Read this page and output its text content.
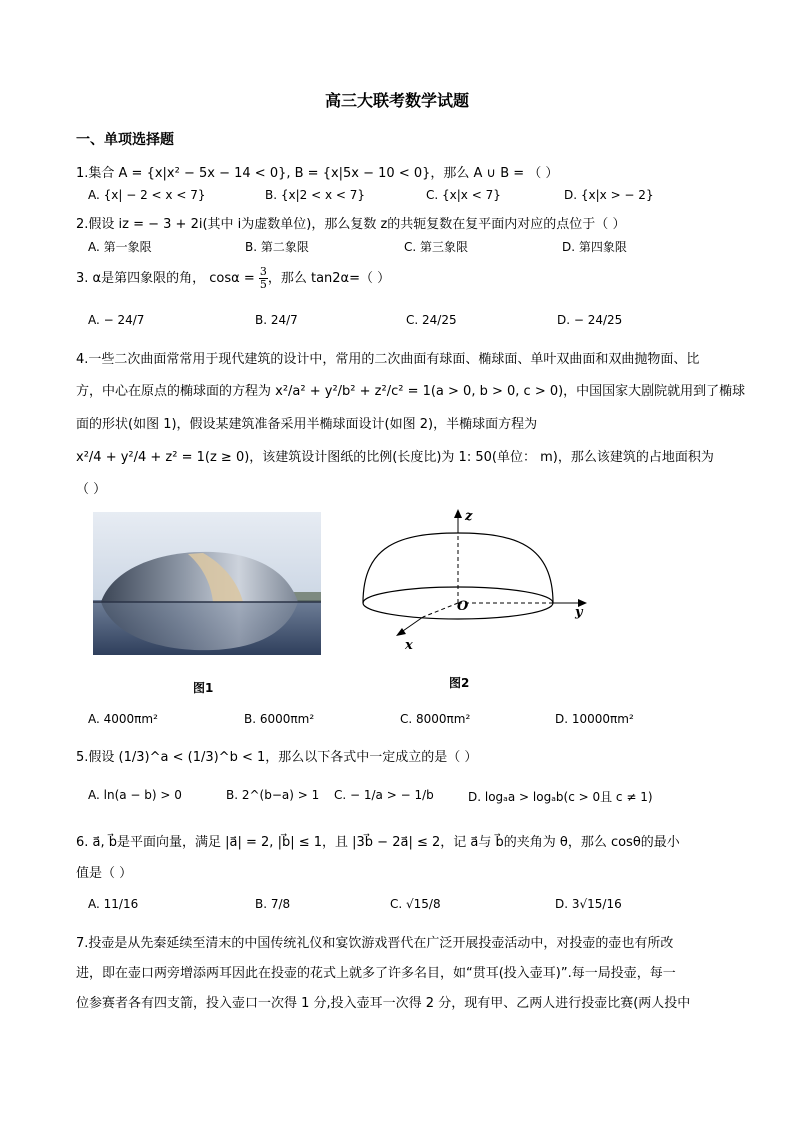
高三大联考数学试题
一、单项选择题
1.集合 A = {x|x² − 5x − 14 < 0}, B = {x|5x − 10 < 0}，那么 A ∪ B = （ ）
A. {x| − 2 < x < 7}	B. {x|2 < x < 7}	C. {x|x < 7}	D. {x|x > − 2}
2.假设 iz = − 3 + 2i(其中 i为虚数单位)，那么复数 z的共轭复数在复平面内对应的点位于（ ）
A. 第一象限	B. 第二象限	C. 第三象限	D. 第四象限
3. α是第四象限的角， $\cos\alpha = \frac{3}{5}$ ，那么 tan2α=（ ）
A. − 24/7	B. 24/7	C. 24/25	D. − 24/25
4.一些二次曲面常常用于现代建筑的设计中，常用的二次曲面有球面、椭球面、单叶双曲面和双曲抛物面、比
方，中心在原点的椭球面的方程为 x²/a² + y²/b² + z²/c² = 1(a > 0, b > 0, c > 0)，中国国家大剧院就用到了椭球
面的形状(如图 1)，假设某建筑准备采用半椭球面设计(如图 2)，半椭球面方程为
x²/4 + y²/4 + z² = 1(z ≥ 0)，该建筑设计图纸的比例(长度比)为 1: 50(单位： m)，那么该建筑的占地面积为
（ ）
z
y
x
O
图1	图2
A. 4000πm²	B. 6000πm²	C. 8000πm²	D. 10000πm²
5.假设 (1/3)^a < (1/3)^b < 1，那么以下各式中一定成立的是（ ）
A. ln(a − b) > 0	B. 2^(b−a) > 1 C. − 1/a > − 1/b	D. logₐa > logₐb(c > 0且 c ≠ 1)
6. a⃗, b⃗是平面向量，满足 |a⃗| = 2, |b⃗| ≤ 1，且 |3b⃗ − 2a⃗| ≤ 2，记 a⃗与 b⃗的夹角为 θ，那么 cosθ的最小
值是（ ）
A. 11/16	B. 7/8	C. √15/8	D. 3√15/16
7.投壶是从先秦延续至清末的中国传统礼仪和宴饮游戏晋代在广泛开展投壶活动中，对投壶的壶也有所改
进，即在壶口两旁增添两耳因此在投壶的花式上就多了许多名目，如“贯耳(投入壶耳)”.每一局投壶，每一
位参赛者各有四支箭，投入壶口一次得 1 分,投入壶耳一次得 2 分，现有甲、乙两人进行投壶比赛(两人投中
